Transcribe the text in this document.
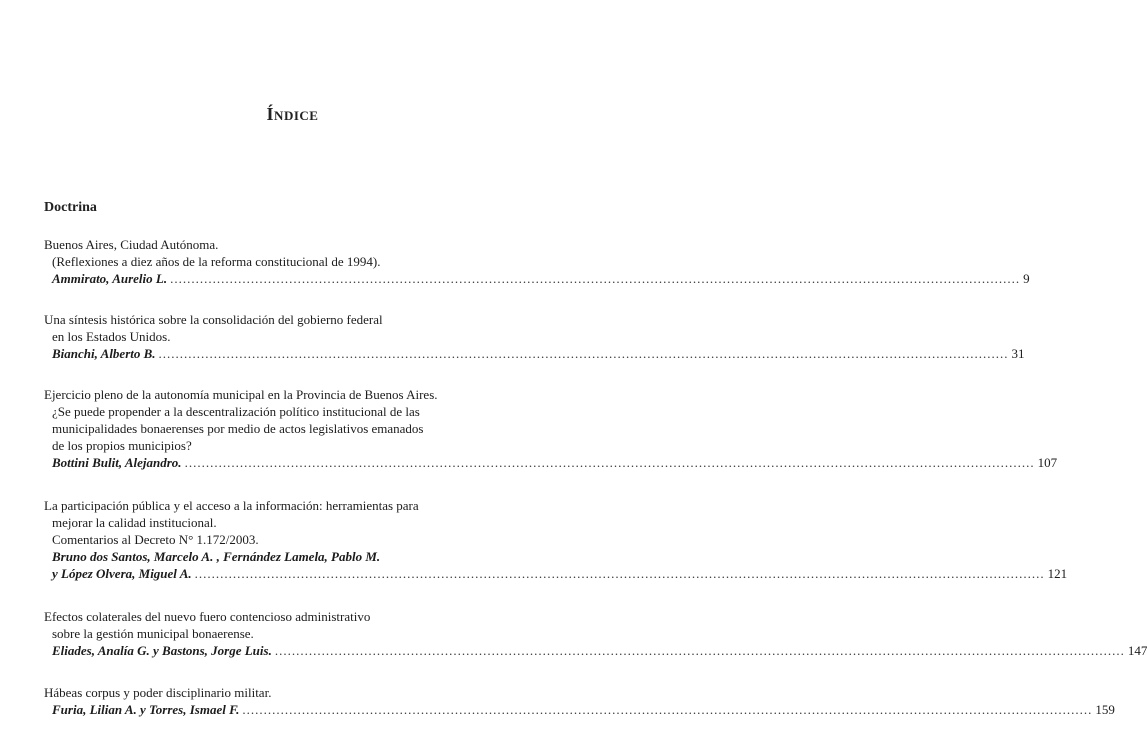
Índice
Doctrina
Buenos Aires, Ciudad Autónoma.
(Reflexiones a diez años de la reforma constitucional de 1994).
Ammirato, Aurelio L. ........................................................................................................................................................................................................ 9
Una síntesis histórica sobre la consolidación del gobierno federal
en los Estados Unidos.
Bianchi, Alberto B. ........................................................................................................................................................................................................ 31
Ejercicio pleno de la autonomía municipal en la Provincia de Buenos Aires.
¿Se puede propender a la descentralización político institucional de las
municipalidades bonaerenses por medio de actos legislativos emanados
de los propios municipios?
Bottini Bulit, Alejandro. ........................................................................................................................................................................................................ 107
La participación pública y el acceso a la información: herramientas para
mejorar la calidad institucional.
Comentarios al Decreto N° 1.172/2003.
Bruno dos Santos, Marcelo A. , Fernández Lamela, Pablo M.
y López Olvera, Miguel A. ........................................................................................................................................................................................................ 121
Efectos colaterales del nuevo fuero contencioso administrativo
sobre la gestión municipal bonaerense.
Eliades, Analía G. y Bastons, Jorge Luis. ........................................................................................................................................................................................................ 147
Hábeas corpus y poder disciplinario militar.
Furia, Lilian A. y Torres, Ismael F. ........................................................................................................................................................................................................ 159
